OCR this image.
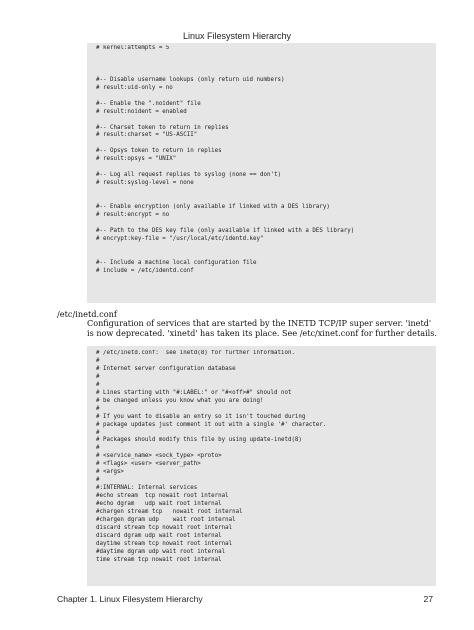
Linux Filesystem Hierarchy
# kernel:attempts = 5

#-- Disable username lookups (only return uid numbers)
# result:uid-only = no

#-- Enable the ".noident" file
# result:noident = enabled

#-- Charset token to return in replies
# result:charset = "US-ASCII"

#-- Opsys token to return in replies
# result:opsys = "UNIX"

#-- Log all request replies to syslog (none == don't)
# result:syslog-level = none

#-- Enable encryption (only available if linked with a DES library)
# result:encrypt = no

#-- Path to the DES key file (only available if linked with a DES library)
# encrypt:key-file = "/usr/local/etc/identd.key"

#-- Include a machine local configuration file
# include = /etc/identd.conf
/etc/inetd.conf
Configuration of services that are started by the INETD TCP/IP super server. 'inetd' is now deprecated. 'xinetd' has taken its place. See /etc/xinet.conf for further details.
# /etc/inetd.conf:  see inetd(8) for further information.
#
# Internet server configuration database
#
#
# Lines starting with "#:LABEL:" or "#<off>#" should not
# be changed unless you know what you are doing!
#
# If you want to disable an entry so it isn't touched during
# package updates just comment it out with a single '#' character.
#
# Packages should modify this file by using update-inetd(8)
#
# <service_name> <sock_type> <proto>
# <flags> <user> <server_path>
# <args>
#
#:INTERNAL: Internal services
#echo stream  tcp nowait root internal
#echo dgram   udp wait root internal
#chargen stream tcp   nowait root internal
#chargen dgram udp    wait root internal
discard stream tcp nowait root internal
discard dgram udp wait root internal
daytime stream tcp nowait root internal
#daytime dgram udp wait root internal
time stream tcp nowait root internal
Chapter 1. Linux Filesystem Hierarchy	27
